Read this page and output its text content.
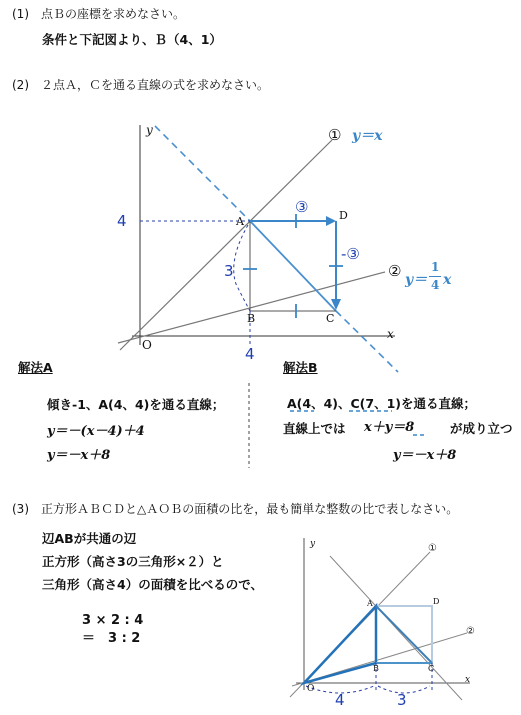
(1)　点Ｂの座標を求めなさい。
条件と下記図より、Ｂ（4、1）
(2)　２点Ａ，Ｃを通る直線の式を求めなさい。
y
x
O
① y＝x
② y＝
1
4 x
A
B	C
D
4
4
3
③
-③
解法A
傾き-1、A(4、4)を通る直線；
y＝－(x－4)＋4
y＝－x＋8
解法B
A(4、4)、C(7、1)を通る直線；
直線上では x＋y＝8	が成り立つ
y＝－x＋8
(3)　正方形ＡＢＣＤと△ＡＯＢの面積の比を，最も簡単な整数の比で表しなさい。
辺ABが共通の辺
正方形（高さ3の三角形×２）と
三角形（高さ4）の面積を比べるので、
3 × 2 : 4
＝　3 : 2
y
x
O
①
②
A
B	C
D
4	3
